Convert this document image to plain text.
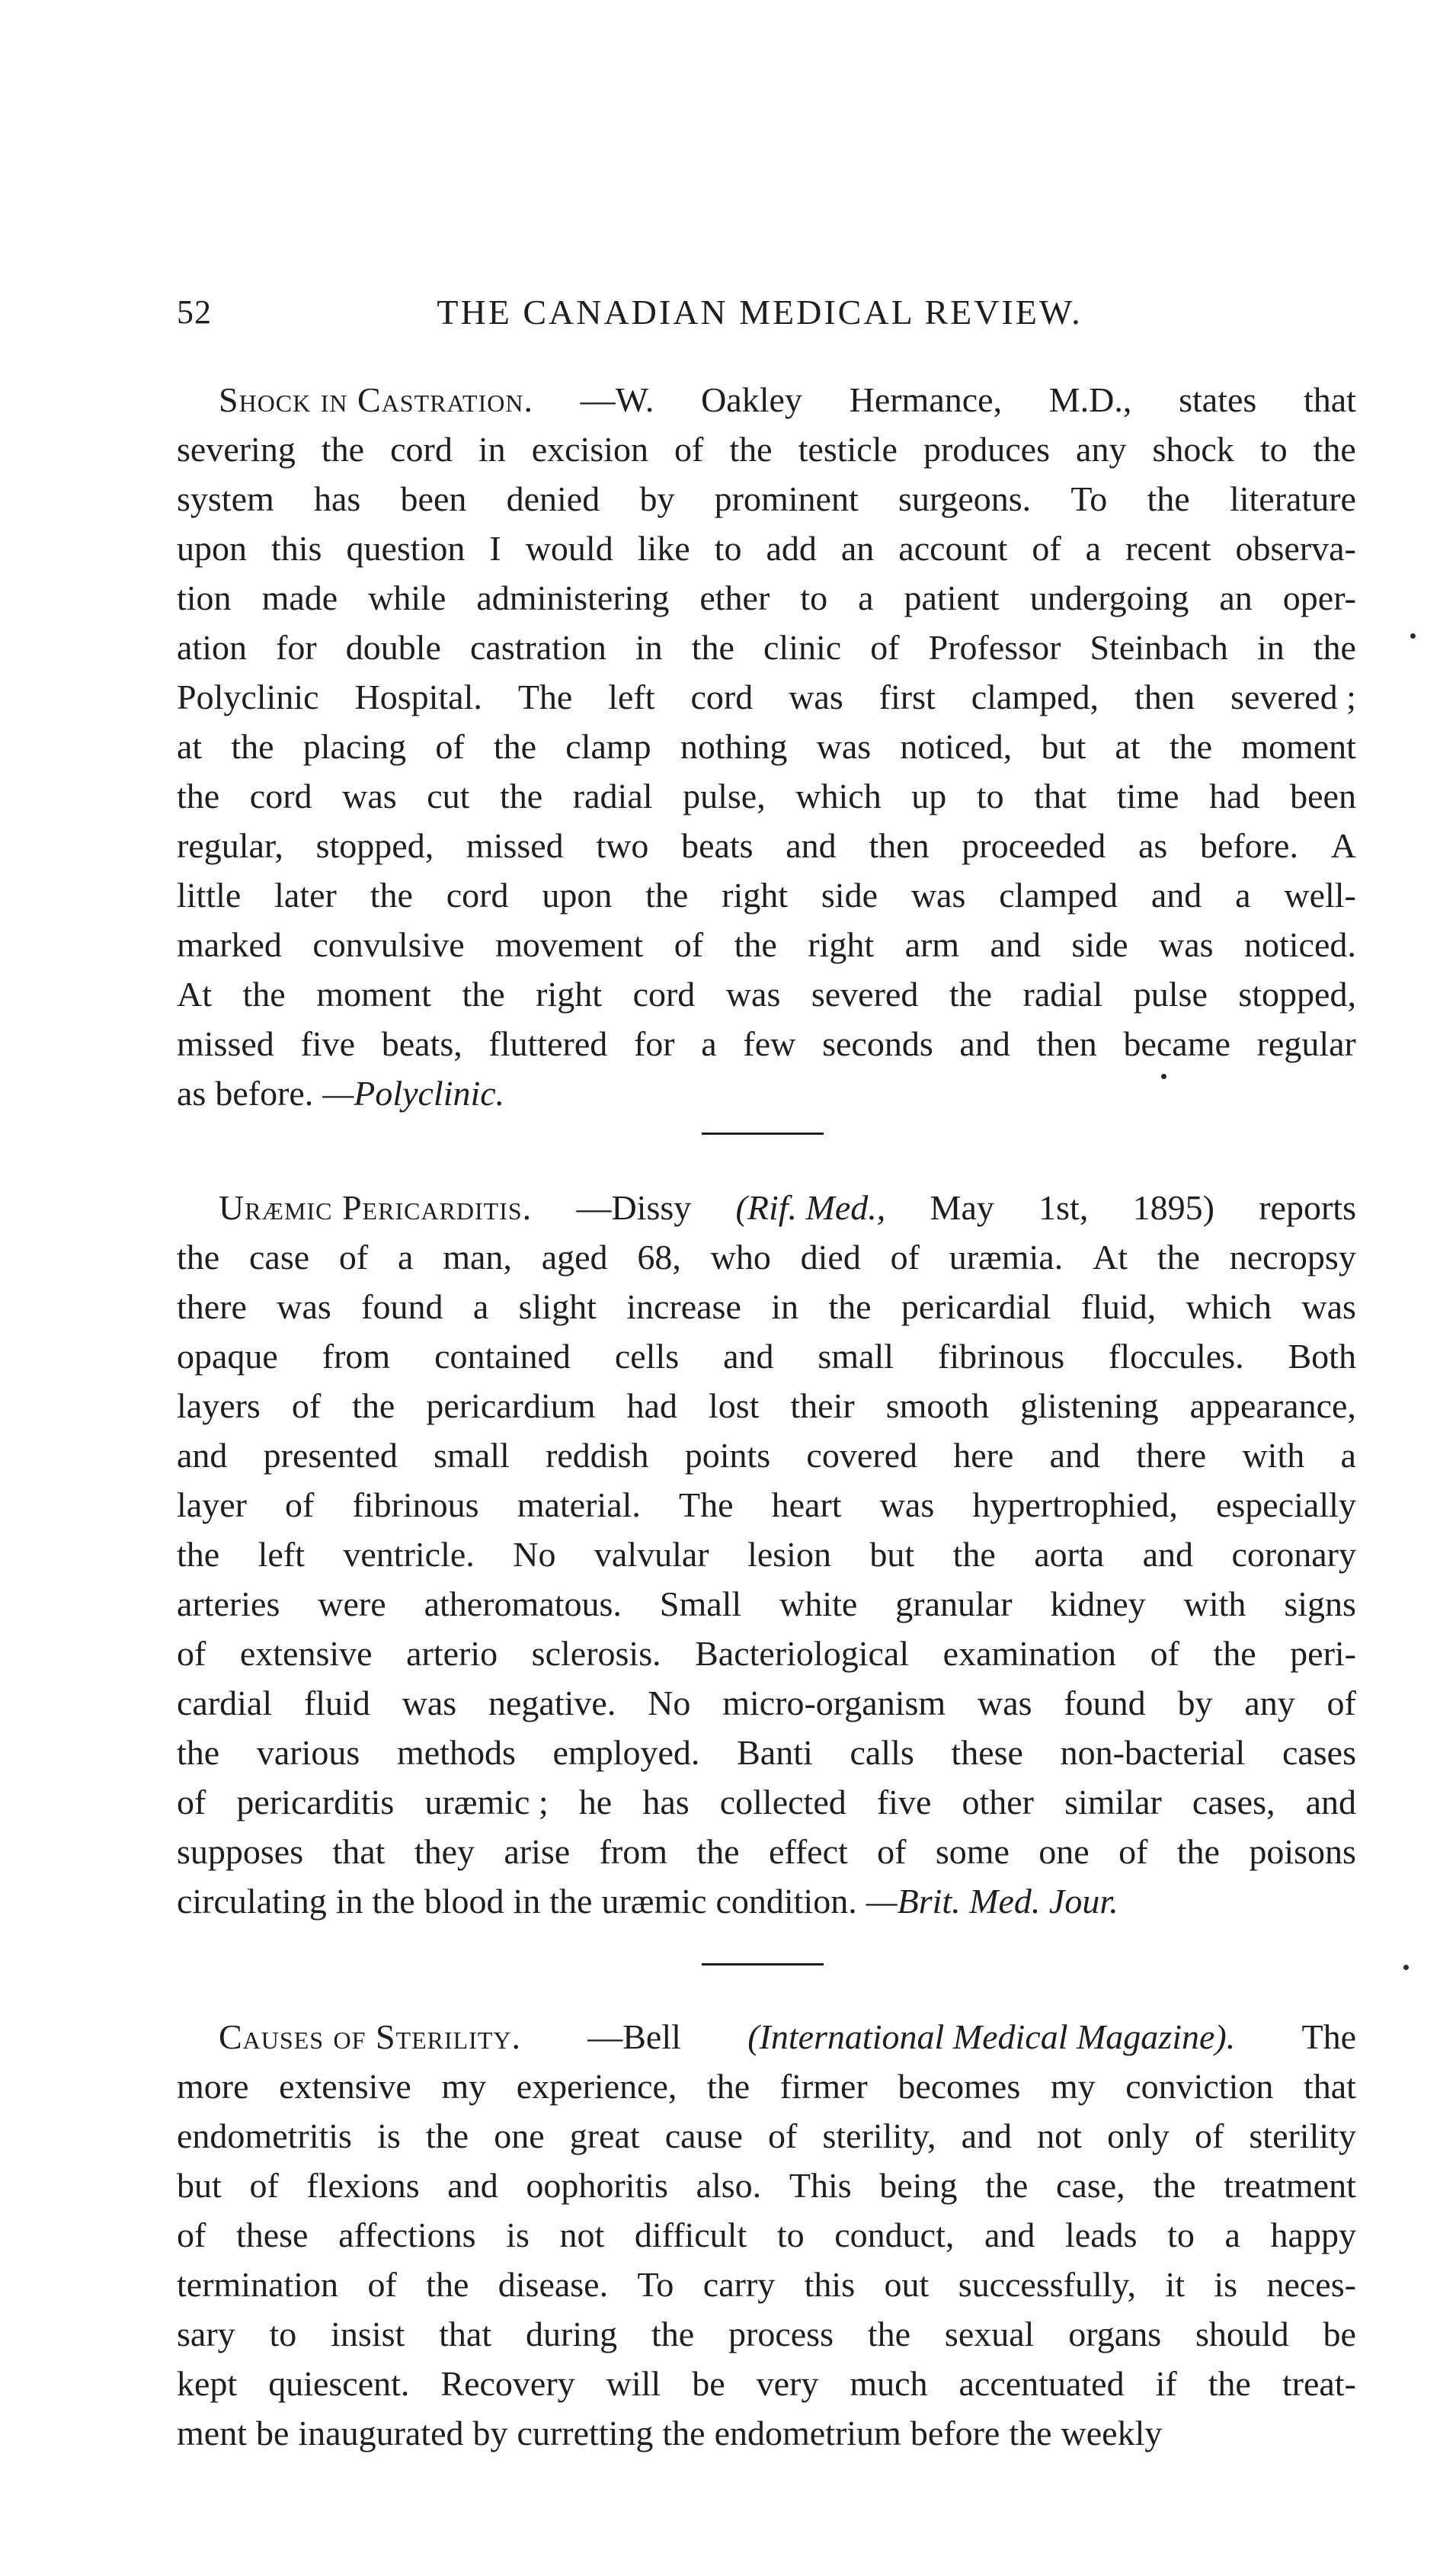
52	THE CANADIAN MEDICAL REVIEW.
Shock in Castration. —W. Oakley Hermance, M.D., states that
severing the cord in excision of the testicle produces any shock to the
system has been denied by prominent surgeons. To the literature
upon this question I would like to add an account of a recent observa-
tion made while administering ether to a patient undergoing an oper-
ation for double castration in the clinic of Professor Steinbach in the
Polyclinic Hospital. The left cord was first clamped, then severed ;
at the placing of the clamp nothing was noticed, but at the moment
the cord was cut the radial pulse, which up to that time had been
regular, stopped, missed two beats and then proceeded as before. A
little later the cord upon the right side was clamped and a well-
marked convulsive movement of the right arm and side was noticed.
At the moment the right cord was severed the radial pulse stopped,
missed five beats, fluttered for a few seconds and then became regular
as before. —Polyclinic.
Uræmic Pericarditis. —Dissy (Rif. Med., May 1st, 1895) reports
the case of a man, aged 68, who died of uræmia. At the necropsy
there was found a slight increase in the pericardial fluid, which was
opaque from contained cells and small fibrinous floccules. Both
layers of the pericardium had lost their smooth glistening appearance,
and presented small reddish points covered here and there with a
layer of fibrinous material. The heart was hypertrophied, especially
the left ventricle. No valvular lesion but the aorta and coronary
arteries were atheromatous. Small white granular kidney with signs
of extensive arterio sclerosis. Bacteriological examination of the peri-
cardial fluid was negative. No micro-organism was found by any of
the various methods employed. Banti calls these non-bacterial cases
of pericarditis uræmic ; he has collected five other similar cases, and
supposes that they arise from the effect of some one of the poisons
circulating in the blood in the uræmic condition. —Brit. Med. Jour.
Causes of Sterility. —Bell (International Medical Magazine). The
more extensive my experience, the firmer becomes my conviction that
endometritis is the one great cause of sterility, and not only of sterility
but of flexions and oophoritis also. This being the case, the treatment
of these affections is not difficult to conduct, and leads to a happy
termination of the disease. To carry this out successfully, it is neces-
sary to insist that during the process the sexual organs should be
kept quiescent. Recovery will be very much accentuated if the treat-
ment be inaugurated by curretting the endometrium before the weekly
